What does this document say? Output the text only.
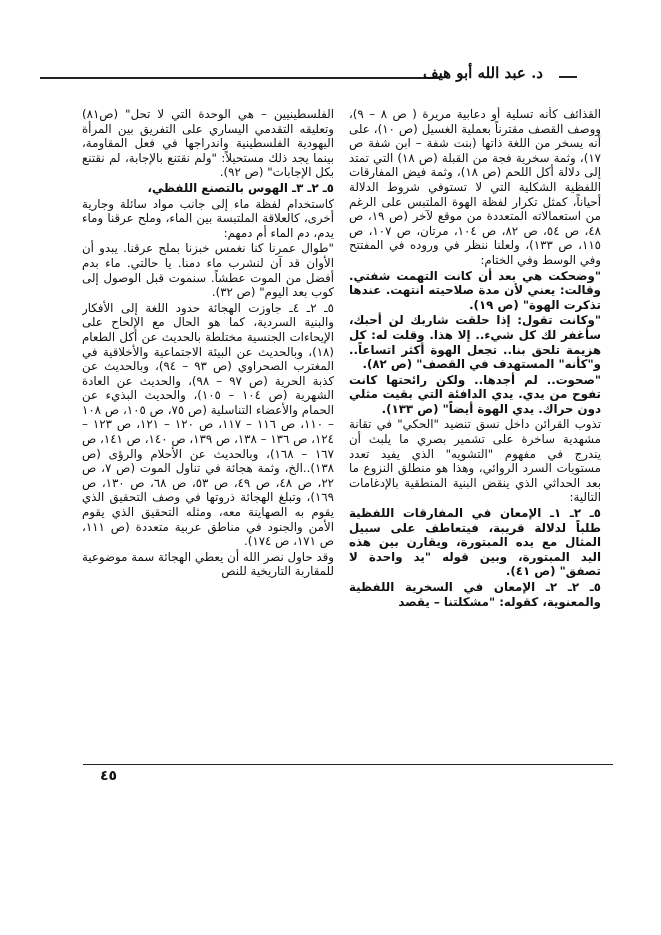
د. عبد الله أبو هيف

القذائف كأنه تسلية أو دعابية مريرة ( ص ٨ – ٩)، ووصف القصف مقترناً بعملية الغسيل (ص ١٠)، على أنه يسخر من اللغة ذاتها (بنت شفة – ابن شفة ص ١٧)، وثمة سخرية فجة من القبلة (ص ١٨) التي تمتد إلى دلالة أكل اللحم (ص ١٨)، وثمة فيض المفارقات اللفظية الشكلية التي لا تستوفي شروط الدلالة أحياناً، كمثل تكرار لفظة الهوة الملتبس على الرغم من استعمالاته المتعددة من موقع لآخر (ص ١٩، ص ٤٨، ص ٥٤، ص ٨٢، ص ١٠٤، مرتان، ص ١٠٧، ص ١١٥، ص ١٣٣)، ولعلنا ننظر في وروده في المفتتح وفي الوسط وفي الختام:

"وضحكت هي بعد أن كانت التهمت شفتي. وقالت: يعني لأن مدة صلاحيته انتهت. عندها تذكرت الهوة" (ص ١٩).

"وكانت تقول: إذا حلقت شاربك لن أحبك، سأغفر لك كل شيء.. إلا هذا. وقلت له: كل هزيمة تلحق بنا.. تجعل الهوة أكثر اتساعاً.. و"كأنه" المستهدف في القصف" (ص ٨٢).

"صحوت.. لم أجدها.. ولكن رائحتها كانت تفوح من يدي. يدي الدافئة التي بقيت مثلي دون حراك. يدي الهوة أيضاً" (ص ١٣٣).

تذوب القرائن داخل نسق تنضيد "الحكي" في تقانة مشهدية ساخرة على تشمير بصري ما يلبث أن يندرج في مفهوم "التشويه" الذي يفيد تعدد مستويات السرد الروائي، وهذا هو منطلق النزوع ما بعد الحداثي الذي ينقض البنية المنطقية بالإدغامات التالية:

٥ـ ٢ـ ١ـ الإمعان في المفارقات اللفظية طلباً لدلالة قريبة، فيتعاطف على سبيل المثال مع يده المبتورة، ويقارن بين هذه اليد المبتورة، وبين قوله "يد واحدة لا تصفق" (ص ٤١).

٥ـ ٢ـ ٢ـ الإمعان في السخرية اللفظية والمعنوية، كقوله: "مشكلتنا – يقصد

الفلسطينيين – هي الوحدة التي لا تحل" (ص٨١) وتعليقه التقدمي اليساري على التفريق بين المرأة اليهودية الفلسطينية واندراجها في فعل المقاومة، بينما يجد ذلك مستحيلاً: "ولم نقتنع بالإجابة، لم نقتنع بكل الإجابات" (ص ٩٢).

٥ـ ٢ـ ٣ـ الهوس بالتصنع اللفظي،

كاستخدام لفظة ماء إلى جانب مواد سائلة وجارية أخرى، كالعلاقة الملتبسة بين الماء، وملح عرقنا وماء يدم، دم الماء أم دمهم:

"طوال عمرنا كنا نغمس خبزنا بملح عرقنا. يبدو أن الأوان قد آن لنشرب ماء دمنا. يا حالتي. ماء بدم أفضل من الموت عطشاً. سنموت قبل الوصول إلى كوب بعد اليوم" (ص ٣٢).

٥ـ ٢ـ ٤ـ جاوزت الهجائة حدود اللغة إلى الأفكار والبنية السردية، كما هو الحال مع الإلحاح على الإيحاءات الجنسية مختلطة بالحديث عن أكل الطعام (١٨)، وبالحديث عن البيئة الاجتماعية والأخلاقية في المغترب الصحراوي (ص ٩٣ – ٩٤)، وبالحديث عن كذبة الحرية (ص ٩٧ – ٩٨)، والحديث عن العادة الشهرية (ص ١٠٤ – ١٠٥)، والحديث البذيء عن الحمام والأعضاء التناسلية (ص ٧٥، ص ١٠٥، ص ١٠٨ – ١١٠، ص ١١٦ – ١١٧، ص ١٢٠ – ١٢١، ص ١٢٣ – ١٢٤، ص ١٣٦ – ١٣٨، ص ١٣٩، ص ١٤٠، ص ١٤١، ص ١٦٧ – ١٦٨)، وبالحديث عن الأحلام والرؤى (ص ١٣٨)..الخ، وثمة هجائة في تناول الموت (ص ٧، ص ٢٢، ص ٤٨، ص ٤٩، ص ٥٣، ص ٦٨، ص ١٣٠، ص ١٦٩)، وتبلغ الهجائة ذروتها في وصف التحقيق الذي يقوم به الصهاينة معه، ومثله التحقيق الذي يقوم الأمن والجنود في مناطق عربية متعددة (ص ١١١، ص ١٧١، ص ١٧٤).

وقد حاول نصر الله أن يعطي الهجائة سمة موضوعية للمقاربة التاريخية للنص

٤٥
